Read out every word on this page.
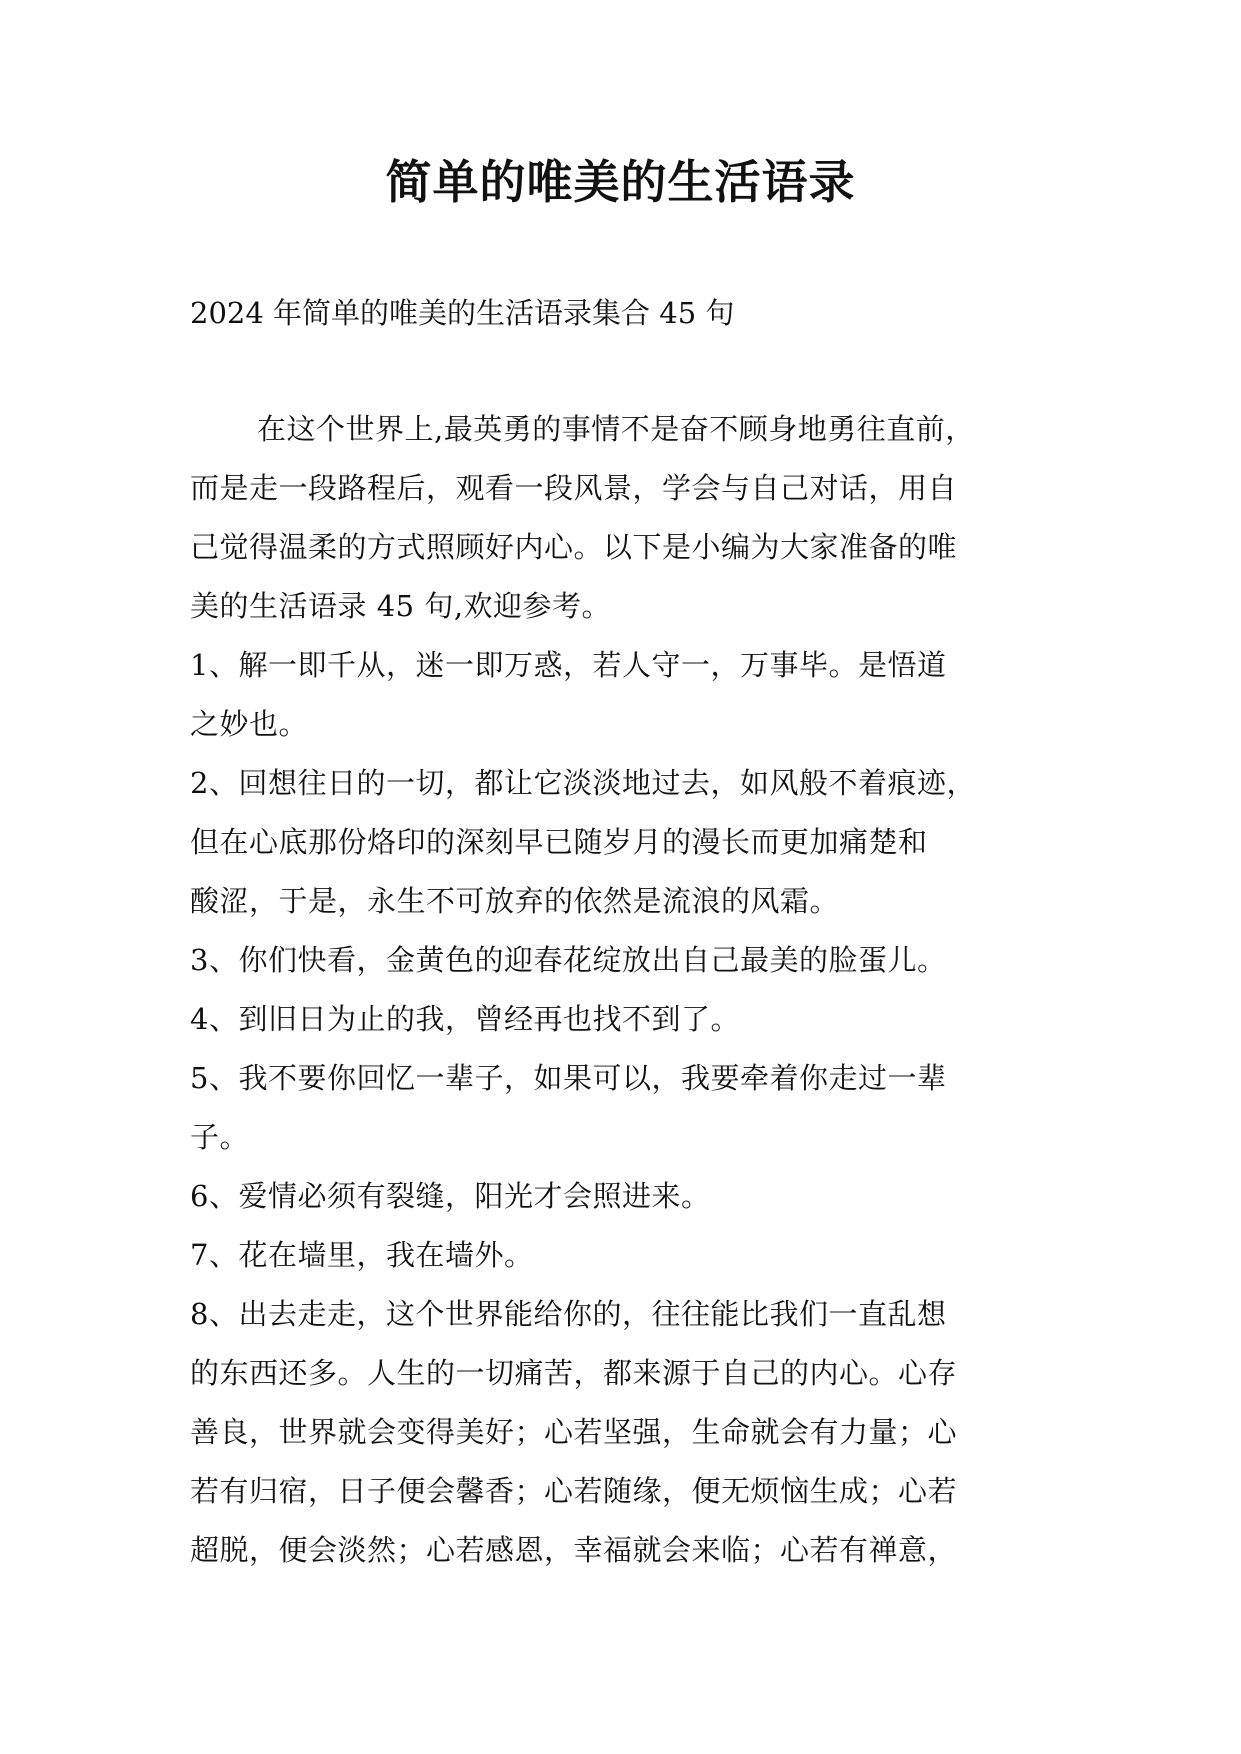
简单的唯美的生活语录
2024 年简单的唯美的生活语录集合 45 句
在这个世界上,最英勇的事情不是奋不顾身地勇往直前，
而是走一段路程后，观看一段风景，学会与自己对话，用自
己觉得温柔的方式照顾好内心。以下是小编为大家准备的唯
美的生活语录 45 句,欢迎参考。
1、解一即千从，迷一即万惑，若人守一，万事毕。是悟道
之妙也。
2、回想往日的一切，都让它淡淡地过去，如风般不着痕迹，
但在心底那份烙印的深刻早已随岁月的漫长而更加痛楚和
酸涩，于是，永生不可放弃的依然是流浪的风霜。
3、你们快看，金黄色的迎春花绽放出自己最美的脸蛋儿。
4、到旧日为止的我，曾经再也找不到了。
5、我不要你回忆一辈子，如果可以，我要牵着你走过一辈
子。
6、爱情必须有裂缝，阳光才会照进来。
7、花在墙里，我在墙外。
8、出去走走，这个世界能给你的，往往能比我们一直乱想
的东西还多。人生的一切痛苦，都来源于自己的内心。心存
善良，世界就会变得美好；心若坚强，生命就会有力量；心
若有归宿，日子便会馨香；心若随缘，便无烦恼生成；心若
超脱，便会淡然；心若感恩，幸福就会来临；心若有禅意，
